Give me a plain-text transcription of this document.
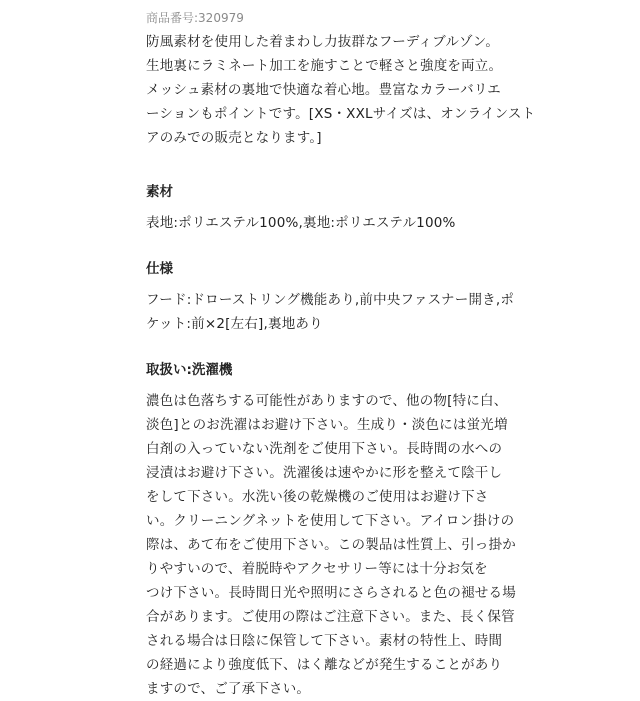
商品番号:320979
防風素材を使用した着まわし力抜群なフーディブルゾン。
生地裏にラミネート加工を施すことで軽さと強度を両立。
メッシュ素材の裏地で快適な着心地。豊富なカラーバリエ
ーションもポイントです。[XS・XXLサイズは、オンラインスト
アのみでの販売となります。]
素材
表地:ポリエステル100%,裏地:ポリエステル100%
仕様
フード:ドローストリング機能あり,前中央ファスナー開き,ポ
ケット:前×2[左右],裏地あり
取扱い:洗濯機
濃色は色落ちする可能性がありますので、他の物[特に白、
淡色]とのお洗濯はお避け下さい。生成り・淡色には蛍光増
白剤の入っていない洗剤をご使用下さい。長時間の水への
浸漬はお避け下さい。洗濯後は速やかに形を整えて陰干し
をして下さい。水洗い後の乾燥機のご使用はお避け下さ
い。クリーニングネットを使用して下さい。アイロン掛けの
際は、あて布をご使用下さい。この製品は性質上、引っ掛か
りやすいので、着脱時やアクセサリー等には十分お気を
つけ下さい。長時間日光や照明にさらされると色の褪せる場
合があります。ご使用の際はご注意下さい。また、長く保管
される場合は日陰に保管して下さい。素材の特性上、時間
の経過により強度低下、はく離などが発生することがあり
ますので、ご了承下さい。
